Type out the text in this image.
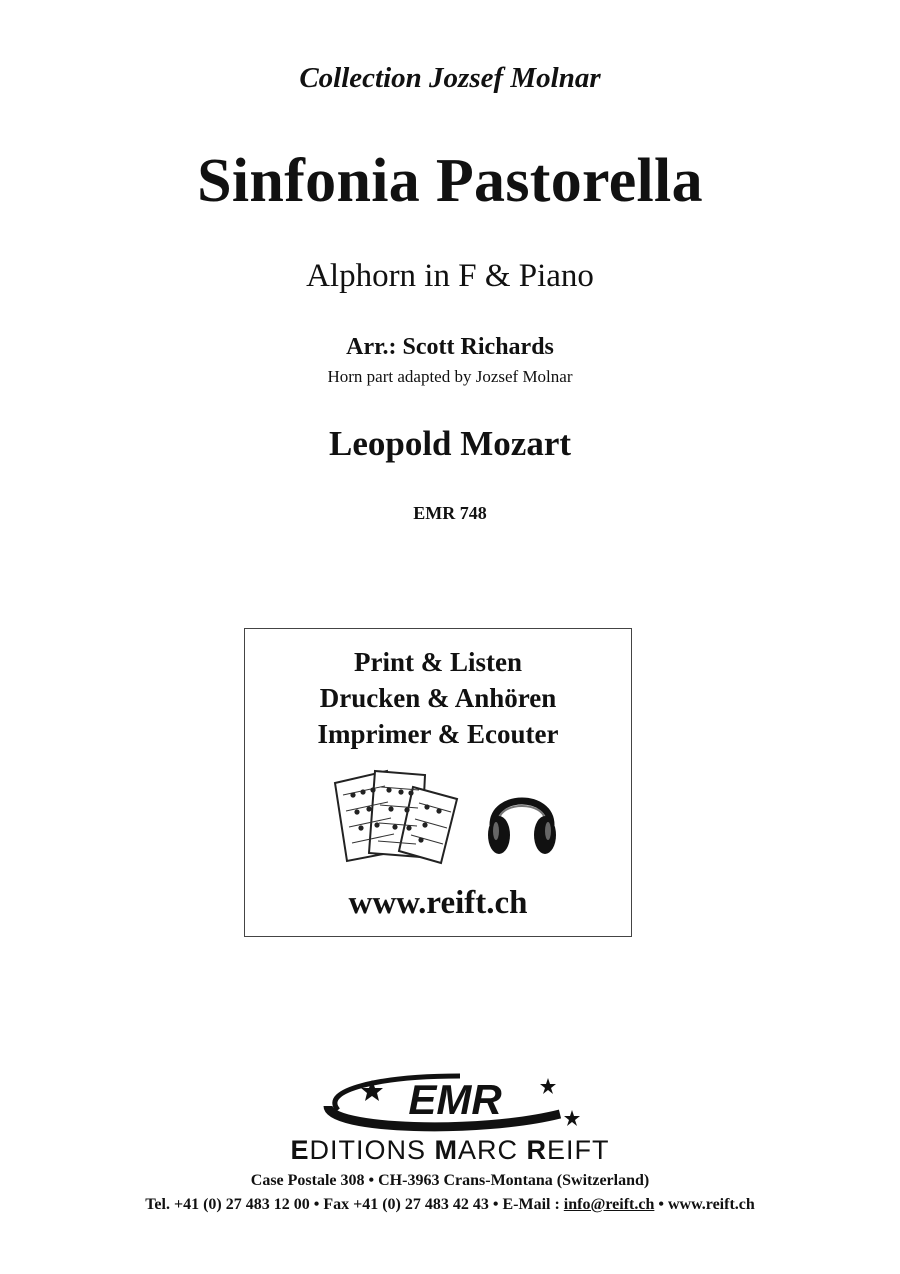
Collection Jozsef Molnar
Sinfonia Pastorella
Alphorn in F & Piano
Arr.: Scott Richards
Horn part adapted by Jozsef Molnar
Leopold Mozart
EMR 748
Print & Listen
Drucken & Anhören
Imprimer & Ecouter
www.reift.ch
EMR
EDITIONS MARC REIFT
Case Postale 308 • CH-3963 Crans-Montana (Switzerland)
Tel. +41 (0) 27 483 12 00 • Fax +41 (0) 27 483 42 43 • E-Mail : info@reift.ch • www.reift.ch
